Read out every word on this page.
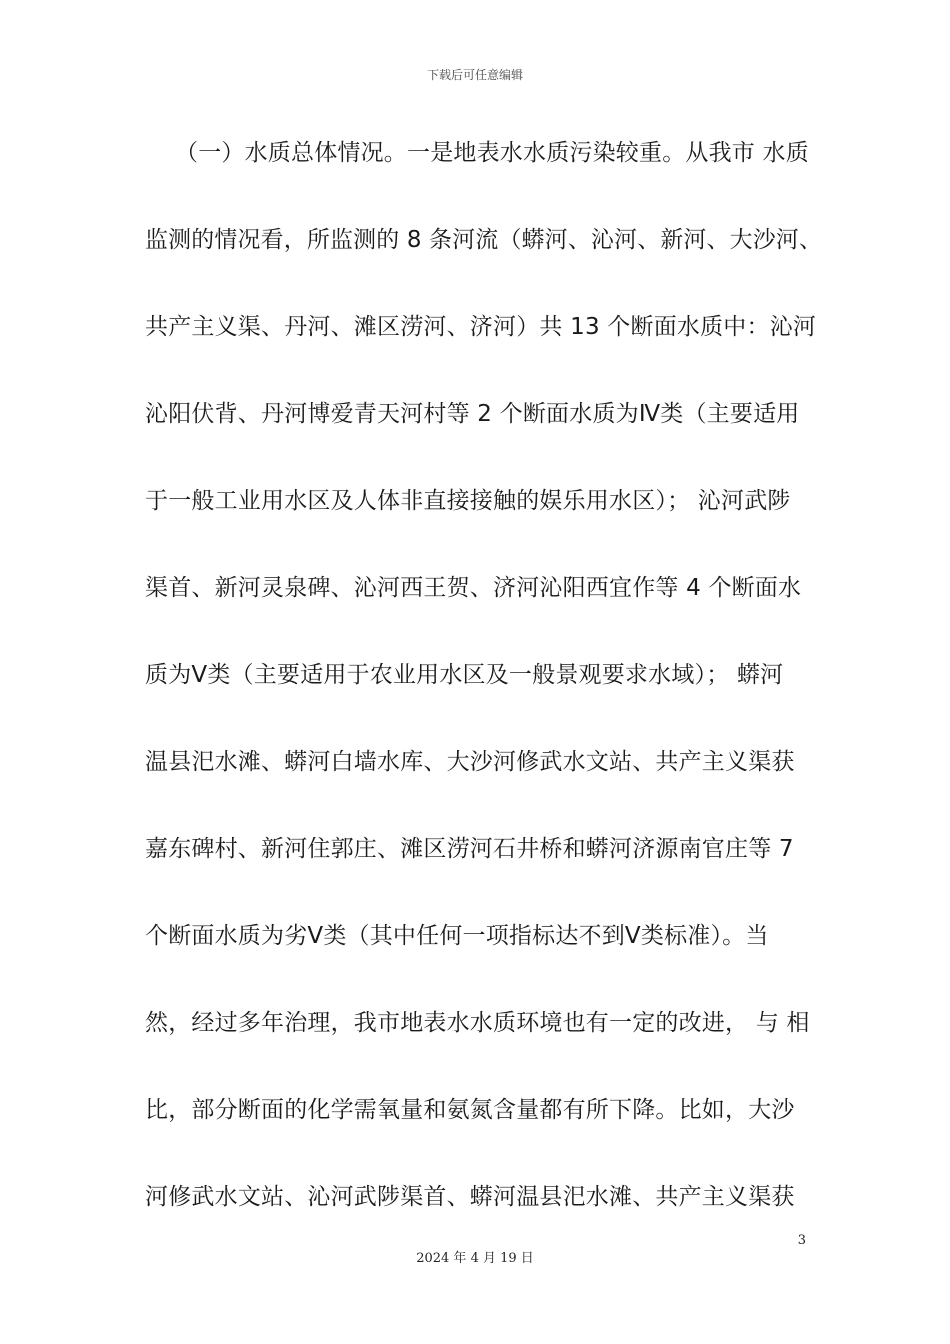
下载后可任意编辑
（一）水质总体情况。一是地表水水质污染较重。从我市 水质
监测的情况看，所监测的 8 条河流（蟒河、沁河、新河、大沙河、
共产主义渠、丹河、滩区涝河、济河）共 13 个断面水质中：沁河
沁阳伏背、丹河博爱青天河村等 2 个断面水质为Ⅳ类（主要适用
于一般工业用水区及人体非直接接触的娱乐用水区）； 沁河武陟
渠首、新河灵泉碑、沁河西王贺、济河沁阳西宜作等 4 个断面水
质为Ⅴ类（主要适用于农业用水区及一般景观要求水域）； 蟒河
温县汜水滩、蟒河白墙水库、大沙河修武水文站、共产主义渠获
嘉东碑村、新河住郭庄、滩区涝河石井桥和蟒河济源南官庄等 7
个断面水质为劣Ⅴ类（其中任何一项指标达不到Ⅴ类标准）。当
然，经过多年治理，我市地表水水质环境也有一定的改进， 与 相
比，部分断面的化学需氧量和氨氮含量都有所下降。比如，大沙
河修武水文站、沁河武陟渠首、蟒河温县汜水滩、共产主义渠获
3
2024 年 4 月 19 日
